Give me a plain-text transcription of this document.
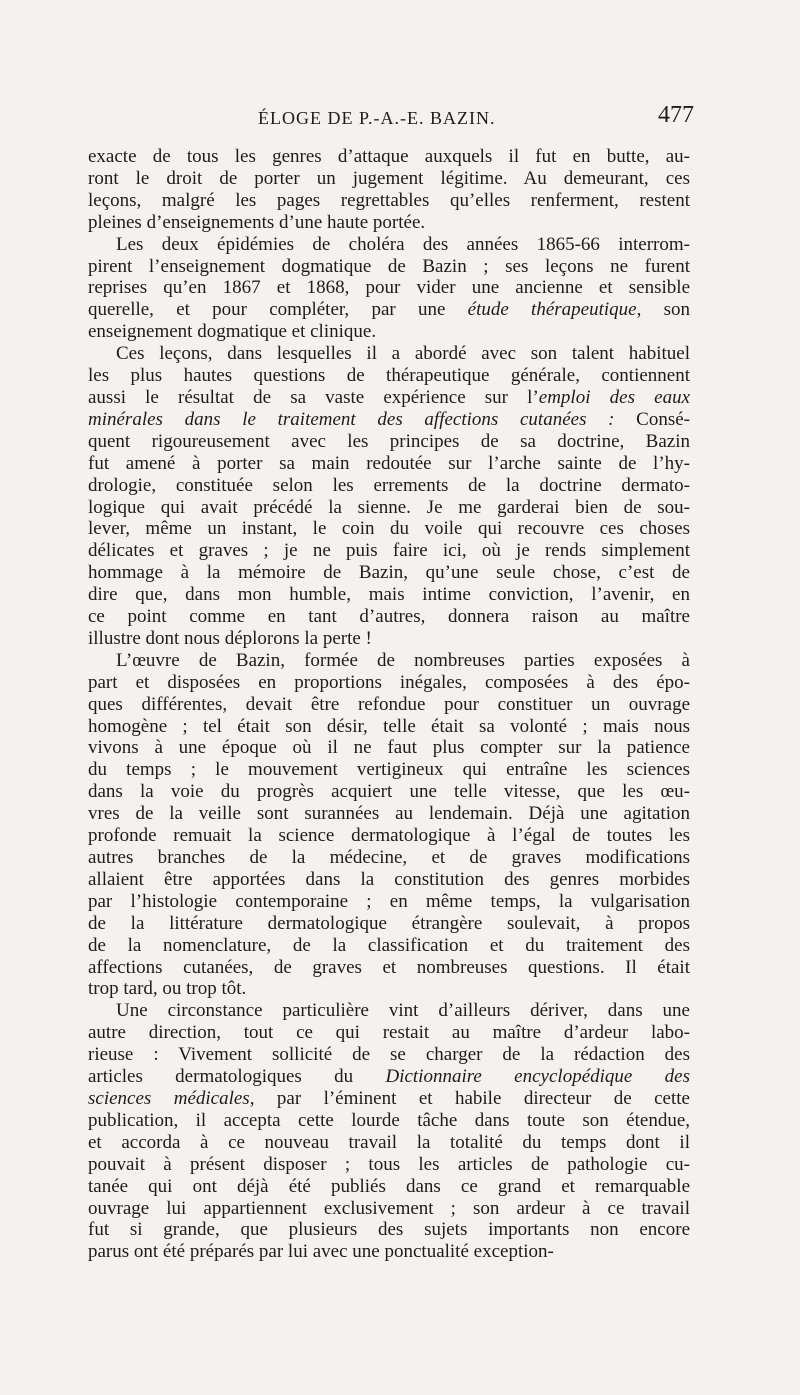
ÉLOGE DE P.-A.-E. BAZIN.	477

exacte de tous les genres d’attaque auxquels il fut en butte, au-
ront le droit de porter un jugement légitime. Au demeurant, ces
leçons, malgré les pages regrettables qu’elles renferment, restent
pleines d’enseignements d’une haute portée.

Les deux épidémies de choléra des années 1865-66 interrom-
pirent l’enseignement dogmatique de Bazin ; ses leçons ne furent
reprises qu’en 1867 et 1868, pour vider une ancienne et sensible
querelle, et pour compléter, par une étude thérapeutique, son
enseignement dogmatique et clinique.

Ces leçons, dans lesquelles il a abordé avec son talent habituel
les plus hautes questions de thérapeutique générale, contiennent
aussi le résultat de sa vaste expérience sur l’emploi des eaux
minérales dans le traitement des affections cutanées : Consé-
quent rigoureusement avec les principes de sa doctrine, Bazin
fut amené à porter sa main redoutée sur l’arche sainte de l’hy-
drologie, constituée selon les errements de la doctrine dermato-
logique qui avait précédé la sienne. Je me garderai bien de sou-
lever, même un instant, le coin du voile qui recouvre ces choses
délicates et graves ; je ne puis faire ici, où je rends simplement
hommage à la mémoire de Bazin, qu’une seule chose, c’est de
dire que, dans mon humble, mais intime conviction, l’avenir, en
ce point comme en tant d’autres, donnera raison au maître
illustre dont nous déplorons la perte !

L’œuvre de Bazin, formée de nombreuses parties exposées à
part et disposées en proportions inégales, composées à des épo-
ques différentes, devait être refondue pour constituer un ouvrage
homogène ; tel était son désir, telle était sa volonté ; mais nous
vivons à une époque où il ne faut plus compter sur la patience
du temps ; le mouvement vertigineux qui entraîne les sciences
dans la voie du progrès acquiert une telle vitesse, que les œu-
vres de la veille sont surannées au lendemain. Déjà une agitation
profonde remuait la science dermatologique à l’égal de toutes les
autres branches de la médecine, et de graves modifications
allaient être apportées dans la constitution des genres morbides
par l’histologie contemporaine ; en même temps, la vulgarisation
de la littérature dermatologique étrangère soulevait, à propos
de la nomenclature, de la classification et du traitement des
affections cutanées, de graves et nombreuses questions. Il était
trop tard, ou trop tôt.

Une circonstance particulière vint d’ailleurs dériver, dans une
autre direction, tout ce qui restait au maître d’ardeur labo-
rieuse : Vivement sollicité de se charger de la rédaction des
articles dermatologiques du Dictionnaire encyclopédique des
sciences médicales, par l’éminent et habile directeur de cette
publication, il accepta cette lourde tâche dans toute son étendue,
et accorda à ce nouveau travail la totalité du temps dont il
pouvait à présent disposer ; tous les articles de pathologie cu-
tanée qui ont déjà été publiés dans ce grand et remarquable
ouvrage lui appartiennent exclusivement ; son ardeur à ce travail
fut si grande, que plusieurs des sujets importants non encore
parus ont été préparés par lui avec une ponctualité exception-
